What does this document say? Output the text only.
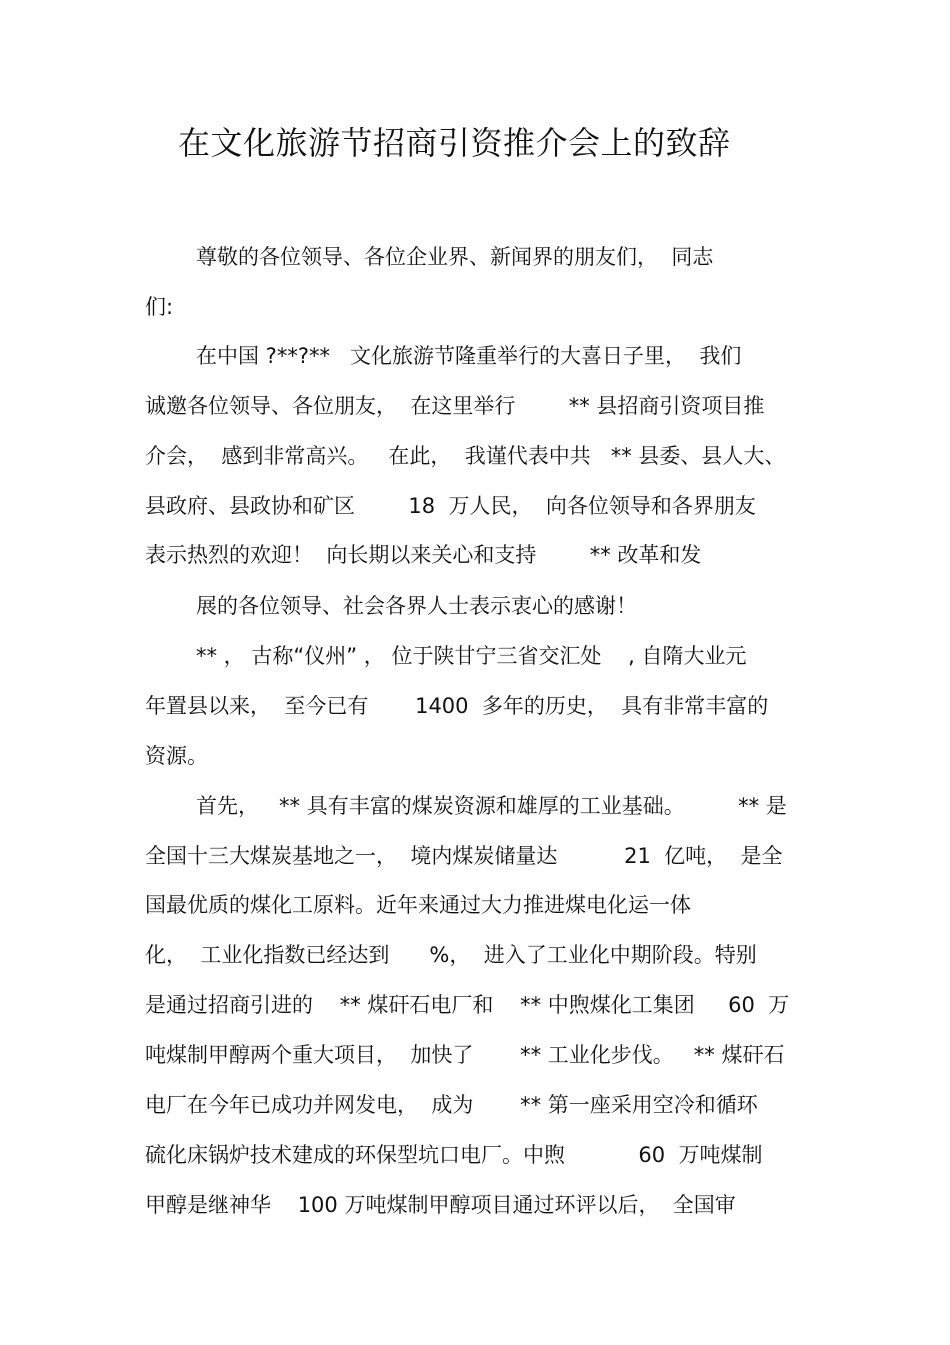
在文化旅游节招商引资推介会上的致辞
尊敬的各位领导、各位企业界、新闻界的朋友们，  同志
们:
在中国 ?**?**   文化旅游节隆重举行的大喜日子里，  我们
诚邀各位领导、各位朋友，  在这里举行        ** 县招商引资项目推
介会，  感到非常高兴。   在此，  我谨代表中共   ** 县委、县人大、
县政府、县政协和矿区        18  万人民，  向各位领导和各界朋友
表示热烈的欢迎！  向长期以来关心和支持        ** 改革和发
展的各位领导、社会各界人士表示衷心的感谢！
** ， 古称“仪州” ， 位于陕甘宁三省交汇处    , 自隋大业元
年置县以来，  至今已有       1400  多年的历史，  具有非常丰富的
资源。
首先，   ** 具有丰富的煤炭资源和雄厚的工业基础。        ** 是
全国十三大煤炭基地之一，  境内煤炭储量达          21  亿吨，  是全
国最优质的煤化工原料。近年来通过大力推进煤电化运一体
化，  工业化指数已经达到      %，  进入了工业化中期阶段。特别
是通过招商引进的    ** 煤矸石电厂和    ** 中煦煤化工集团     60  万
吨煤制甲醇两个重大项目，  加快了       ** 工业化步伐。   ** 煤矸石
电厂在今年已成功并网发电，  成为       ** 第一座采用空冷和循环
硫化床锅炉技术建成的环保型坑口电厂。中煦           60  万吨煤制
甲醇是继神华    100 万吨煤制甲醇项目通过环评以后，  全国审
